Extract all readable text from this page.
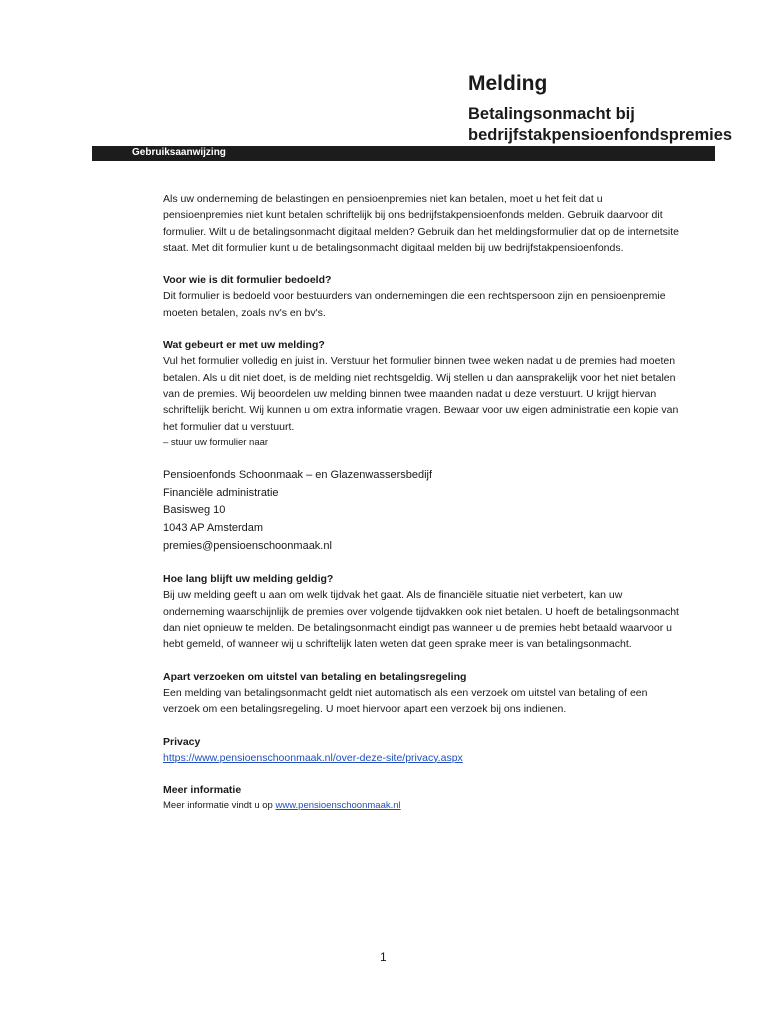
Melding
Betalingsonmacht bij bedrijfstakpensioenfondspremies
Gebruiksaanwijzing

Als uw onderneming de belastingen en pensioenpremies niet kan betalen, moet u het feit dat u pensioenpremies niet kunt betalen schriftelijk bij ons bedrijfstakpensioenfonds melden. Gebruik daarvoor dit formulier. Wilt u de betalingsonmacht digitaal melden? Gebruik dan het meldingsformulier dat op de internetsite staat. Met dit formulier kunt u de betalingsonmacht digitaal melden bij uw bedrijfstakpensioenfonds.

Voor wie is dit formulier bedoeld?

Dit formulier is bedoeld voor bestuurders van ondernemingen die een rechtspersoon zijn en pensioenpremie moeten betalen, zoals nv's en bv's.

Wat gebeurt er met uw melding?

Vul het formulier volledig en juist in. Verstuur het formulier binnen twee weken nadat u de premies had moeten betalen. Als u dit niet doet, is de melding niet rechtsgeldig. Wij stellen u dan aansprakelijk voor het niet betalen van de premies. Wij beoordelen uw melding binnen twee maanden nadat u deze verstuurt. U krijgt hiervan schriftelijk bericht. Wij kunnen u om extra informatie vragen. Bewaar voor uw eigen administratie een kopie van het formulier dat u verstuurt.

– stuur uw formulier naar

Pensioenfonds Schoonmaak – en Glazenwassersbedijf

Financiële administratie

Basisweg 10

1043 AP Amsterdam

premies@pensioenschoonmaak.nl

Hoe lang blijft uw melding geldig?

Bij uw melding geeft u aan om welk tijdvak het gaat. Als de financiële situatie niet verbetert, kan uw onderneming waarschijnlijk de premies over volgende tijdvakken ook niet betalen. U hoeft de betalingsonmacht dan niet opnieuw te melden. De betalingsonmacht eindigt pas wanneer u de premies hebt betaald waarvoor u hebt gemeld, of wanneer wij u schriftelijk laten weten dat geen sprake meer is van betalingsonmacht.

Apart verzoeken om uitstel van betaling en betalingsregeling

Een melding van betalingsonmacht geldt niet automatisch als een verzoek om uitstel van betaling of een verzoek om een betalingsregeling. U moet hiervoor apart een verzoek bij ons indienen.

Privacy

https://www.pensioenschoonmaak.nl/over-deze-site/privacy.aspx

Meer informatie

Meer informatie vindt u op www.pensioenschoonmaak.nl

1
